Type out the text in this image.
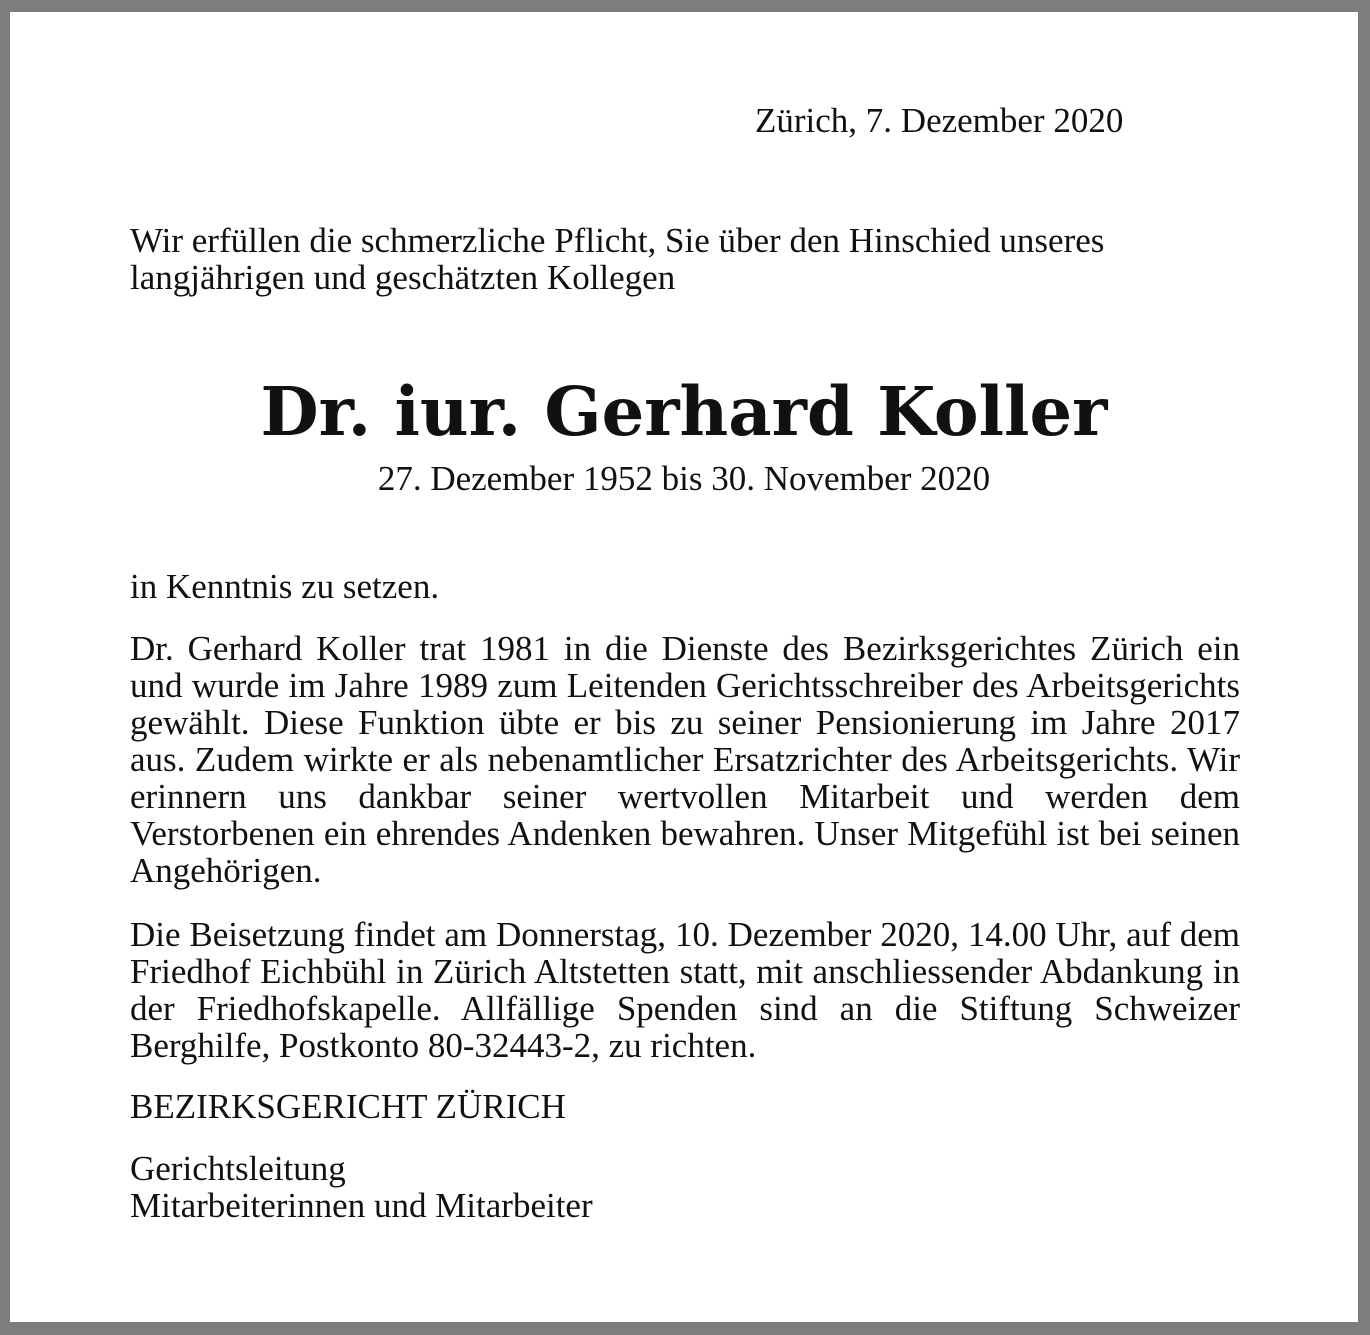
Zürich, 7. Dezember 2020
Wir erfüllen die schmerzliche Pflicht, Sie über den Hinschied unseres
langjährigen und geschätzten Kollegen
Dr. iur. Gerhard Koller
27. Dezember 1952 bis 30. November 2020
in Kenntnis zu setzen.
Dr. Gerhard Koller trat 1981 in die Dienste des Bezirksgerichtes Zürich ein und wurde im Jahre 1989 zum Leitenden Gerichtsschreiber des Arbeitsgerichts gewählt. Diese Funktion übte er bis zu seiner Pensionierung im Jahre 2017 aus. Zudem wirkte er als nebenamtlicher Ersatzrichter des Arbeitsgerichts. Wir erinnern uns dankbar seiner wertvollen Mitarbeit und werden dem Verstorbenen ein ehrendes Andenken bewahren. Unser Mitgefühl ist bei seinen Angehörigen.
Die Beisetzung findet am Donnerstag, 10. Dezember 2020, 14.00 Uhr, auf dem Friedhof Eichbühl in Zürich Altstetten statt, mit anschliessender Abdankung in der Friedhofskapelle. Allfällige Spenden sind an die Stiftung Schweizer Berghilfe, Postkonto 80-32443-2, zu richten.
BEZIRKSGERICHT ZÜRICH
Gerichtsleitung
Mitarbeiterinnen und Mitarbeiter
